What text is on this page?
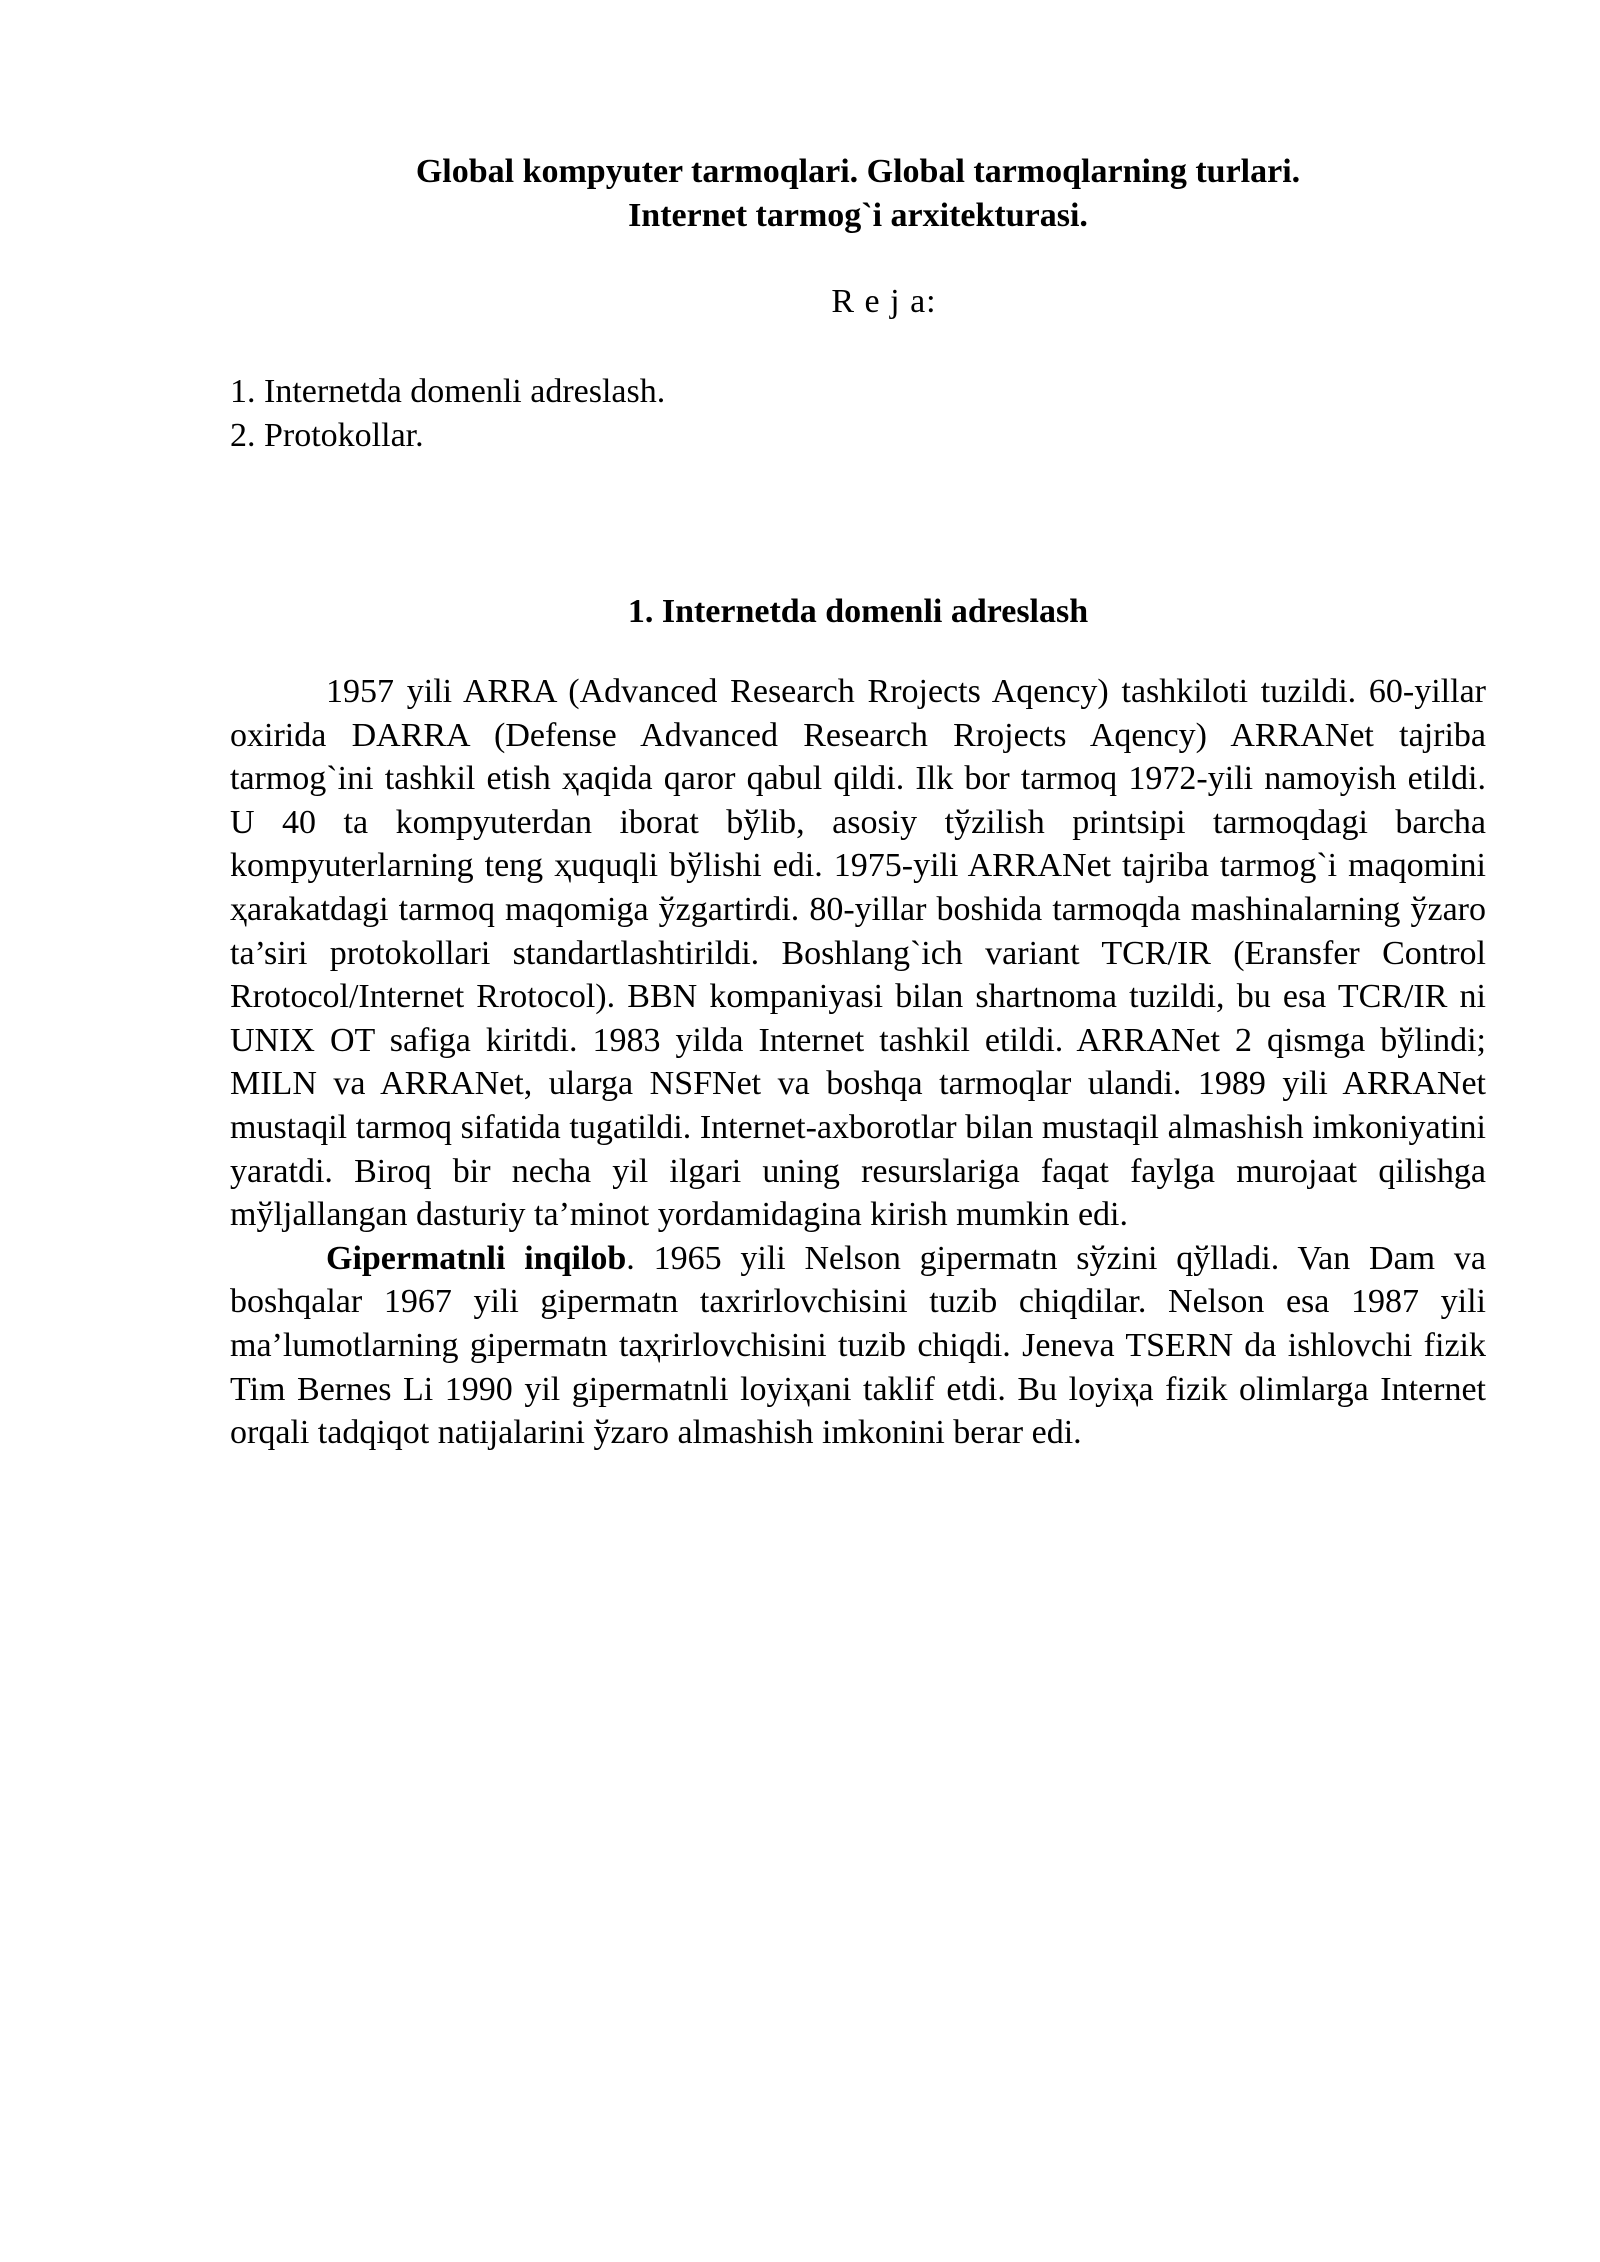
Global kompyuter tarmoqlari. Global tarmoqlarning turlari.
Internet tarmog`i arxitekturasi.
R e j a:
1. Internetda domenli adreslash.
2. Protokollar.
1. Internetda domenli adreslash

1957 yili ARRA (Advanced Research Rrojects Aqency) tashkiloti tuzildi. 60-yillar oxirida DARRA (Defense Advanced Research Rrojects Aqency) ARRANet tajriba tarmog`ini tashkil etish ҳaqida qaror qabul qildi. Ilk bor tarmoq 1972-yili namoyish etildi. U 40 ta kompyuterdan iborat bўlib, asosiy tўzilish printsipi tarmoqdagi barcha kompyuterlarning teng ҳuquqli bўlishi edi. 1975-yili ARRANet tajriba tarmog`i maqomini ҳarakatdagi tarmoq maqomiga ўzgartirdi. 80-yillar boshida tarmoqda mashinalarning ўzaro ta’siri protokollari standartlashtirildi. Boshlang`ich variant TCR/IR (Eransfer Control Rrotocol/Internet Rrotocol). BBN kompaniyasi bilan shartnoma tuzildi, bu esa TCR/IR ni UNIX OT safiga kiritdi. 1983 yilda Internet tashkil etildi. ARRANet 2 qismga bўlindi; MILN va ARRANet, ularga NSFNet va boshqa tarmoqlar ulandi. 1989 yili ARRANet mustaqil tarmoq sifatida tugatildi. Internet-axborotlar bilan mustaqil almashish imkoniyatini yaratdi. Biroq bir necha yil ilgari uning resurslariga faqat faylga murojaat qilishga mўljallangan dasturiy ta’minot yordamidagina kirish mumkin edi.

Gipermatnli inqilob. 1965 yili Nelson gipermatn sўzini qўlladi. Van Dam va boshqalar 1967 yili gipermatn taxrirlovchisini tuzib chiqdilar. Nelson esa 1987 yili ma’lumotlarning gipermatn taҳrirlovchisini tuzib chiqdi. Jeneva TSERN da ishlovchi fizik Tim Bernes Li 1990 yil gipermatnli loyiҳani taklif etdi. Bu loyiҳa fizik olimlarga Internet orqali tadqiqot natijalarini ўzaro almashish imkonini berar edi.
